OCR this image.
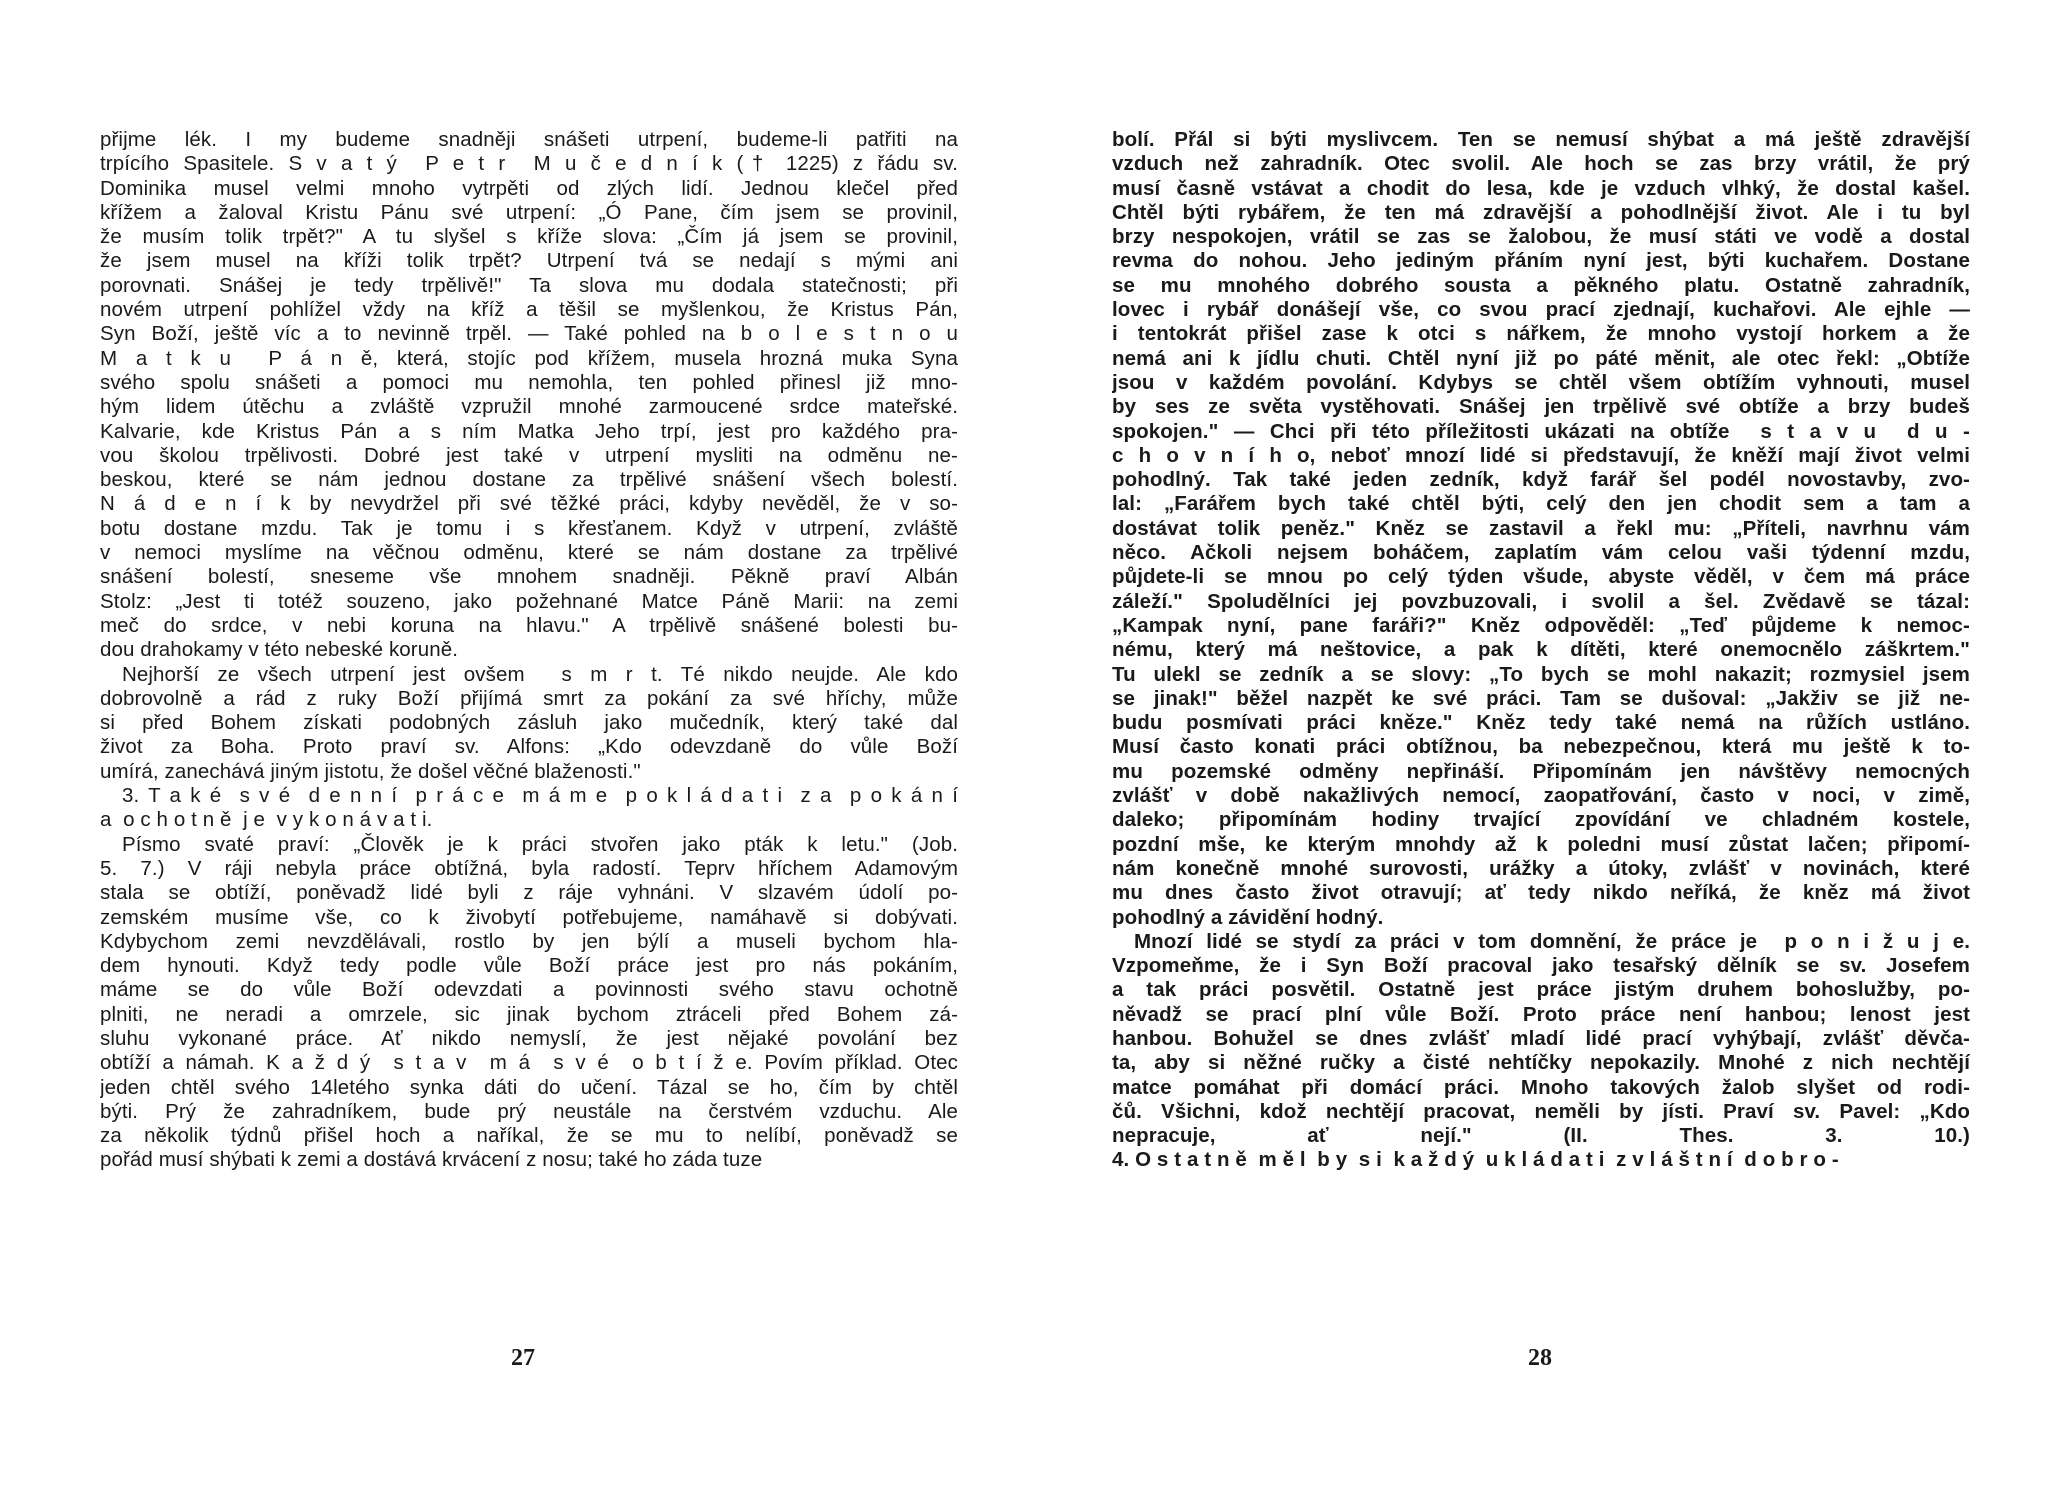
přijme lék. I my budeme snadněji snášeti utrpení, budeme-li patřiti na
trpícího Spasitele. S v a t ý  P e t r  M u č e d n í k († 1225) z řádu sv.
Dominika musel velmi mnoho vytrpěti od zlých lidí. Jednou klečel před
křížem a žaloval Kristu Pánu své utrpení: „Ó Pane, čím jsem se provinil,
že musím tolik trpět?" A tu slyšel s kříže slova: „Čím já jsem se provinil,
že jsem musel na kříži tolik trpět? Utrpení tvá se nedají s mými ani
porovnati. Snášej je tedy trpělivě!" Ta slova mu dodala statečnosti; při
novém utrpení pohlížel vždy na kříž a těšil se myšlenkou, že Kristus Pán,
Syn Boží, ještě víc a to nevinně trpěl. — Také pohled na b o l e s t n o u
M a t k u  P á n ě, která, stojíc pod křížem, musela hrozná muka Syna
svého spolu snášeti a pomoci mu nemohla, ten pohled přinesl již mno-
hým lidem útěchu a zvláště vzpružil mnohé zarmoucené srdce mateřské.
Kalvarie, kde Kristus Pán a s ním Matka Jeho trpí, jest pro každého pra-
vou školou trpělivosti. Dobré jest také v utrpení mysliti na odměnu ne-
beskou, které se nám jednou dostane za trpělivé snášení všech bolestí.
N á d e n í k by nevydržel při své těžké práci, kdyby nevěděl, že v so-
botu dostane mzdu. Tak je tomu i s křesťanem. Když v utrpení, zvláště
v nemoci myslíme na věčnou odměnu, které se nám dostane za trpělivé
snášení bolestí, sneseme vše mnohem snadněji. Pěkně praví Albán
Stolz: „Jest ti totéž souzeno, jako požehnané Matce Páně Marii: na zemi
meč do srdce, v nebi koruna na hlavu." A trpělivě snášené bolesti bu-
dou drahokamy v této nebeské koruně.
Nejhorší ze všech utrpení jest ovšem  s m r t. Té nikdo neujde. Ale kdo
dobrovolně a rád z ruky Boží přijímá smrt za pokání za své hříchy, může
si před Bohem získati podobných zásluh jako mučedník, který také dal
život za Boha. Proto praví sv. Alfons: „Kdo odevzdaně do vůle Boží
umírá, zanechává jiným jistotu, že došel věčné blaženosti."
3. T a k é  s v é  d e n n í  p r á c e  m á m e  p o k l á d a t i  z a  p o k á n í
a  o c h o t n ě  j e  v y k o n á v a t i.
Písmo svaté praví: „Člověk je k práci stvořen jako pták k letu." (Job.
5. 7.) V ráji nebyla práce obtížná, byla radostí. Teprv hříchem Adamovým
stala se obtíží, poněvadž lidé byli z ráje vyhnáni. V slzavém údolí po-
zemském musíme vše, co k živobytí potřebujeme, namáhavě si dobývati.
Kdybychom zemi nevzdělávali, rostlo by jen býlí a museli bychom hla-
dem hynouti. Když tedy podle vůle Boží práce jest pro nás pokáním,
máme se do vůle Boží odevzdati a povinnosti svého stavu ochotně
plniti, ne neradi a omrzele, sic jinak bychom ztráceli před Bohem zá-
sluhu vykonané práce. Ať nikdo nemyslí, že jest nějaké povolání bez
obtíží a námah. K a ž d ý  s t a v  m á  s v é  o b t í ž e. Povím příklad. Otec
jeden chtěl svého 14letého synka dáti do učení. Tázal se ho, čím by chtěl
býti. Prý že zahradníkem, bude prý neustále na čerstvém vzduchu. Ale
za několik týdnů přišel hoch a naříkal, že se mu to nelíbí, poněvadž se
pořád musí shýbati k zemi a dostává krvácení z nosu; také ho záda tuze
27
bolí. Přál si býti myslivcem. Ten se nemusí shýbat a má ještě zdravější
vzduch než zahradník. Otec svolil. Ale hoch se zas brzy vrátil, že prý
musí časně vstávat a chodit do lesa, kde je vzduch vlhký, že dostal kašel.
Chtěl býti rybářem, že ten má zdravější a pohodlnější život. Ale i tu byl
brzy nespokojen, vrátil se zas se žalobou, že musí státi ve vodě a dostal
revma do nohou. Jeho jediným přáním nyní jest, býti kuchařem. Dostane
se mu mnohého dobrého sousta a pěkného platu. Ostatně zahradník,
lovec i rybář donášejí vše, co svou prací zjednají, kuchařovi. Ale ejhle —
i tentokrát přišel zase k otci s nářkem, že mnoho vystojí horkem a že
nemá ani k jídlu chuti. Chtěl nyní již po páté měnit, ale otec řekl: „Obtíže
jsou v každém povolání. Kdybys se chtěl všem obtížím vyhnouti, musel
by ses ze světa vystěhovati. Snášej jen trpělivě své obtíže a brzy budeš
spokojen." — Chci při této příležitosti ukázati na obtíže  s t a v u  d u -
c h o v n í h o, neboť mnozí lidé si představují, že kněží mají život velmi
pohodlný. Tak také jeden zedník, když farář šel podél novostavby, zvo-
lal: „Farářem bych také chtěl býti, celý den jen chodit sem a tam a
dostávat tolik peněz." Kněz se zastavil a řekl mu: „Příteli, navrhnu vám
něco. Ačkoli nejsem boháčem, zaplatím vám celou vaši týdenní mzdu,
půjdete-li se mnou po celý týden všude, abyste věděl, v čem má práce
záleží." Spoludělníci jej povzbuzovali, i svolil a šel. Zvědavě se tázal:
„Kampak nyní, pane faráři?" Kněz odpověděl: „Teď půjdeme k nemoc-
nému, který má neštovice, a pak k dítěti, které onemocnělo záškrtem."
Tu ulekl se zedník a se slovy: „To bych se mohl nakazit; rozmysiel jsem
se jinak!" běžel nazpět ke své práci. Tam se dušoval: „Jakživ se již ne-
budu posmívati práci kněze." Kněz tedy také nemá na růžích ustláno.
Musí často konati práci obtížnou, ba nebezpečnou, která mu ještě k to-
mu pozemské odměny nepřináší. Připomínám jen návštěvy nemocných
zvlášť v době nakažlivých nemocí, zaopatřování, často v noci, v zimě,
daleko; připomínám hodiny trvající zpovídání ve chladném kostele,
pozdní mše, ke kterým mnohdy až k poledni musí zůstat lačen; připomí-
nám konečně mnohé surovosti, urážky a útoky, zvlášť v novinách, které
mu dnes často život otravují; ať tedy nikdo neříká, že kněz má život
pohodlný a závidění hodný.
Mnozí lidé se stydí za práci v tom domnění, že práce je  p o n i ž u j e.
Vzpomeňme, že i Syn Boží pracoval jako tesařský dělník se sv. Josefem
a tak práci posvětil. Ostatně jest práce jistým druhem bohoslužby, po-
něvadž se prací plní vůle Boží. Proto práce není hanbou; lenost jest
hanbou. Bohužel se dnes zvlášť mladí lidé prací vyhýbají, zvlášť děvča-
ta, aby si něžné ručky a čisté nehtíčky nepokazily. Mnohé z nich nechtějí
matce pomáhat při domácí práci. Mnoho takových žalob slyšet od rodi-
čů. Všichni, kdož nechtějí pracovat, neměli by jísti. Praví sv. Pavel: „Kdo
nepracuje, ať nejí." (II. Thes. 3. 10.)
4. O s t a t n ě  m ě l  b y  s i  k a ž d ý  u k l á d a t i  z v l á š t n í  d o b r o -
28
